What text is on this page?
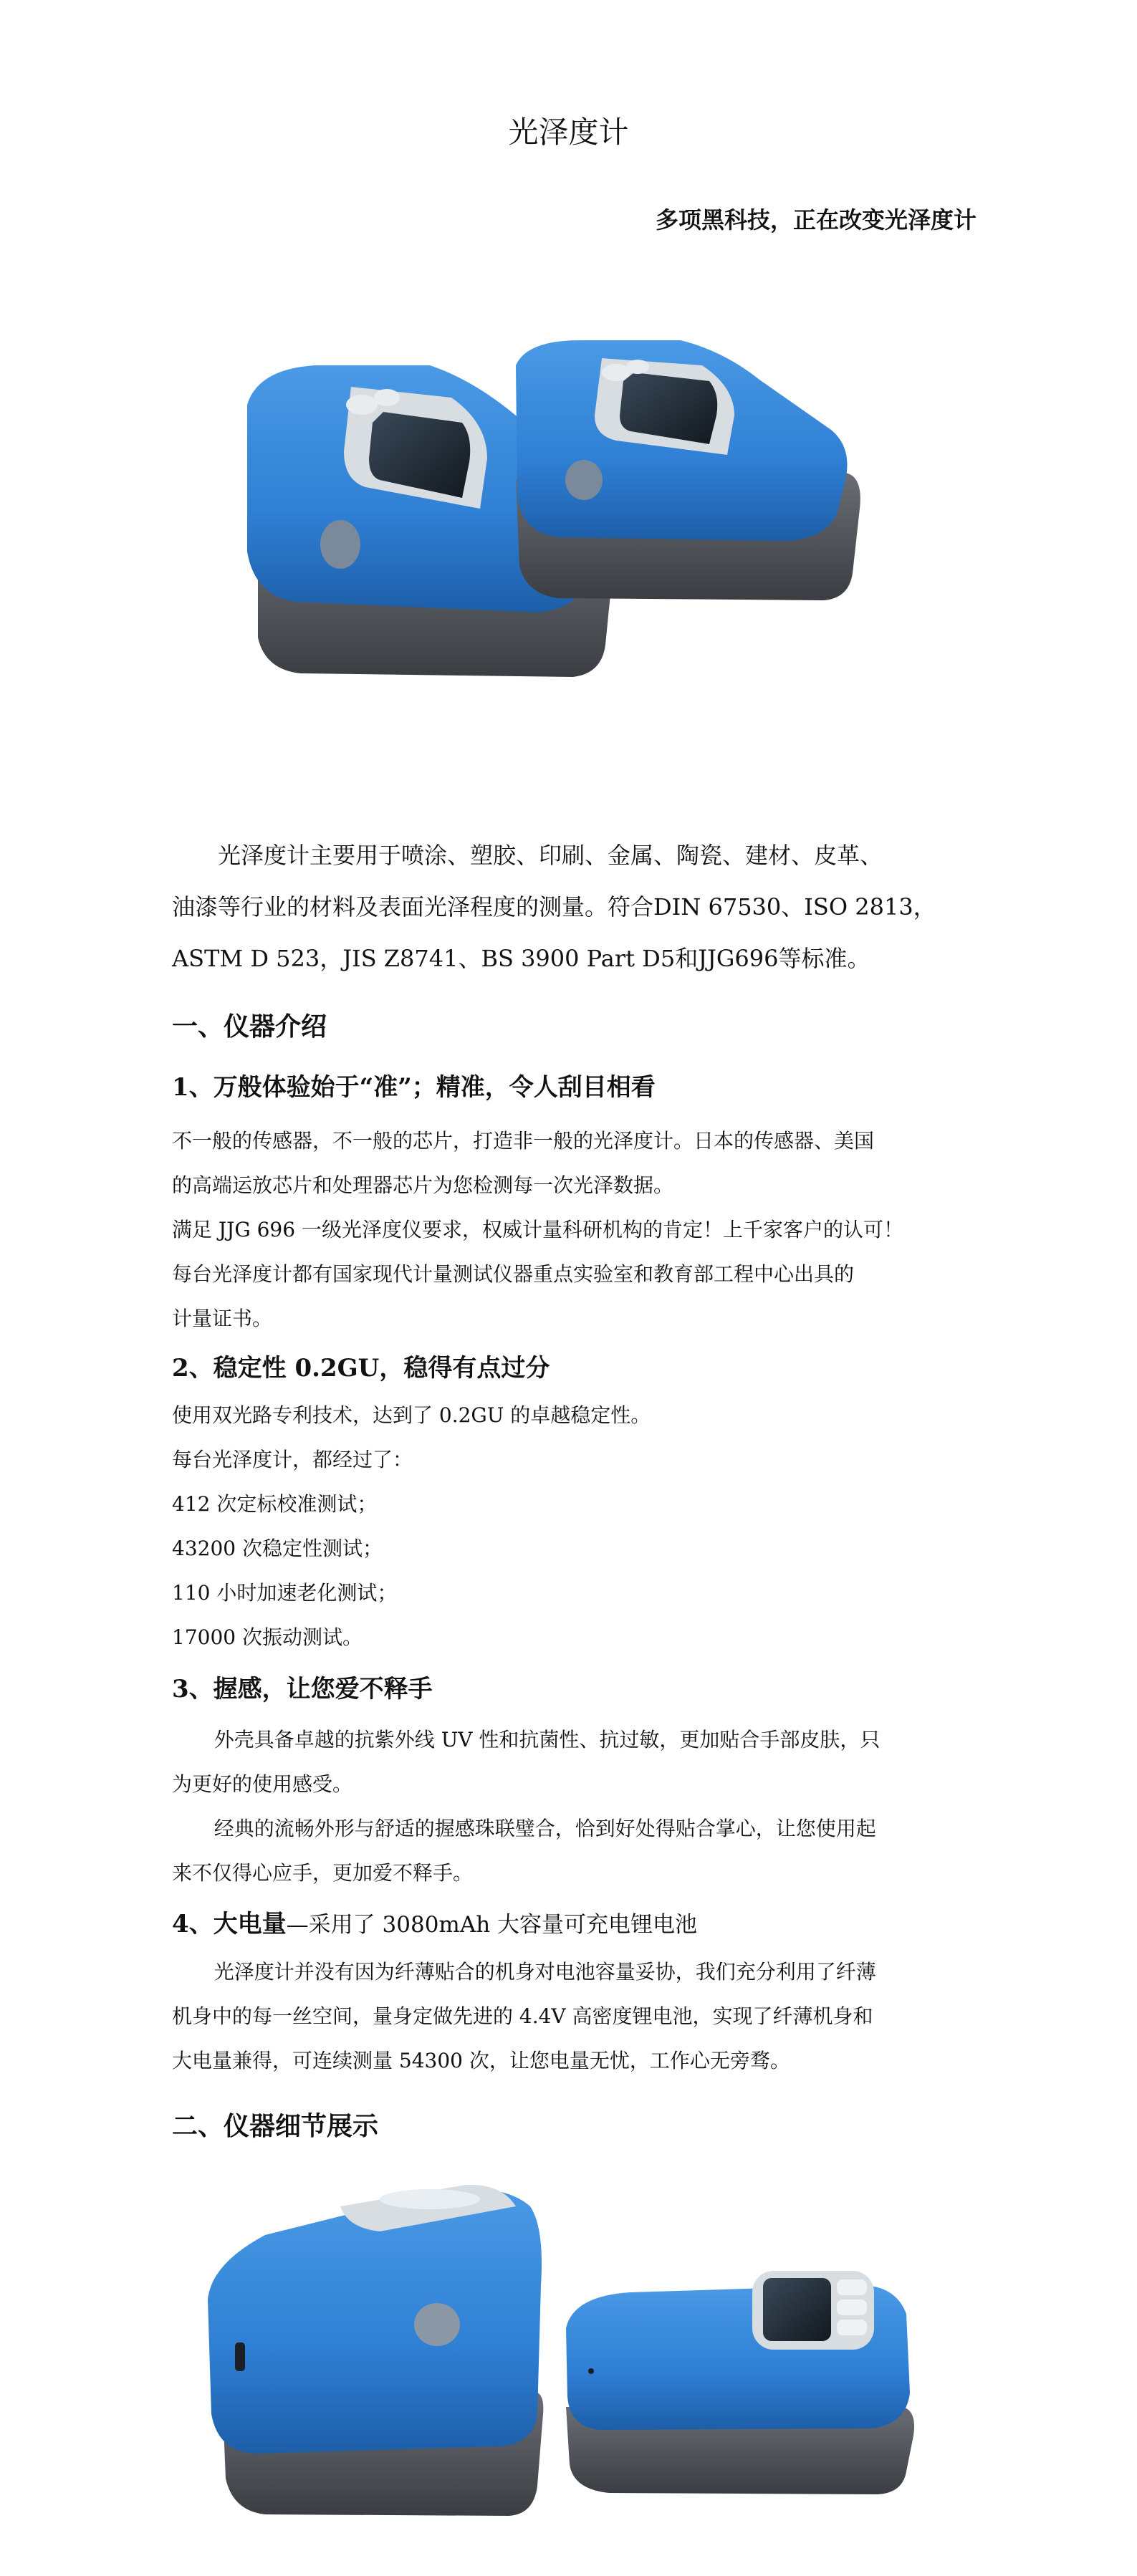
光泽度计
多项黑科技，正在改变光泽度计

光泽度计主要用于喷涂、塑胶、印刷、金属、陶瓷、建材、皮革、

油漆等行业的材料及表面光泽程度的测量。符合DIN 67530、ISO 2813，

ASTM D 523，JIS Z8741、BS 3900 Part D5和JJG696等标准。

一、仪器介绍
1、万般体验始于“准”；精准，令人刮目相看
不一般的传感器，不一般的芯片，打造非一般的光泽度计。日本的传感器、美国
的高端运放芯片和处理器芯片为您检测每一次光泽数据。
满足 JJG 696 一级光泽度仪要求，权威计量科研机构的肯定！上千家客户的认可！
每台光泽度计都有国家现代计量测试仪器重点实验室和教育部工程中心出具的
计量证书。
2、稳定性 0.2GU，稳得有点过分
使用双光路专利技术，达到了 0.2GU 的卓越稳定性。
每台光泽度计，都经过了：
412 次定标校准测试；
43200 次稳定性测试；
110 小时加速老化测试；
17000 次振动测试。
3、握感，让您爱不释手
外壳具备卓越的抗紫外线 UV 性和抗菌性、抗过敏，更加贴合手部皮肤，只
为更好的使用感受。
经典的流畅外形与舒适的握感珠联璧合，恰到好处得贴合掌心，让您使用起
来不仅得心应手，更加爱不释手。
4、大电量—采用了 3080mAh 大容量可充电锂电池
光泽度计并没有因为纤薄贴合的机身对电池容量妥协，我们充分利用了纤薄
机身中的每一丝空间，量身定做先进的 4.4V 高密度锂电池，实现了纤薄机身和
大电量兼得，可连续测量 54300 次，让您电量无忧，工作心无旁骛。
二、仪器细节展示
